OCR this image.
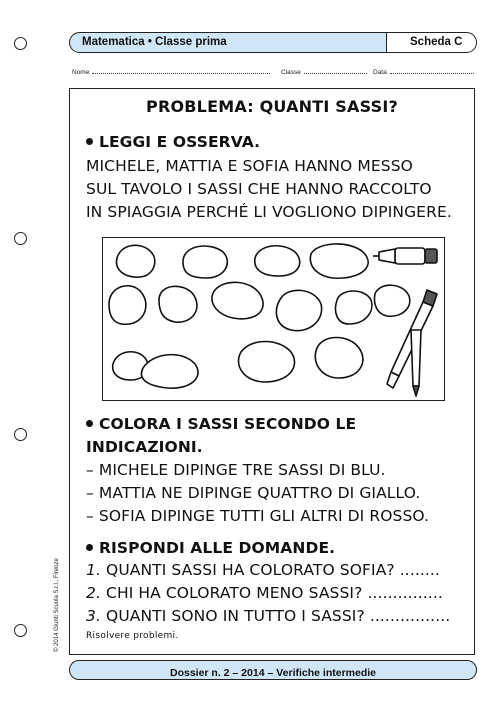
Matematica • Classe prima	Scheda C
Nome	Classe	Data
PROBLEMA: QUANTI SASSI?
LEGGI E OSSERVA.
MICHELE, MATTIA E SOFIA HANNO MESSO
SUL TAVOLO I SASSI CHE HANNO RACCOLTO
IN SPIAGGIA PERCHÉ LI VOGLIONO DIPINGERE.
COLORA I SASSI SECONDO LE
INDICAZIONI.
– MICHELE DIPINGE TRE SASSI DI BLU.
– MATTIA NE DIPINGE QUATTRO DI GIALLO.
– SOFIA DIPINGE TUTTI GLI ALTRI DI ROSSO.
RISPONDI ALLE DOMANDE.
1. QUANTI SASSI HA COLORATO SOFIA? ........
2. CHI HA COLORATO MENO SASSI? ...............
3. QUANTI SONO IN TUTTO I SASSI? ................
Risolvere problemi.
© 2014 Giunti Scuola S.r.l., Firenze
Dossier n. 2 – 2014 – Verifiche intermedie
